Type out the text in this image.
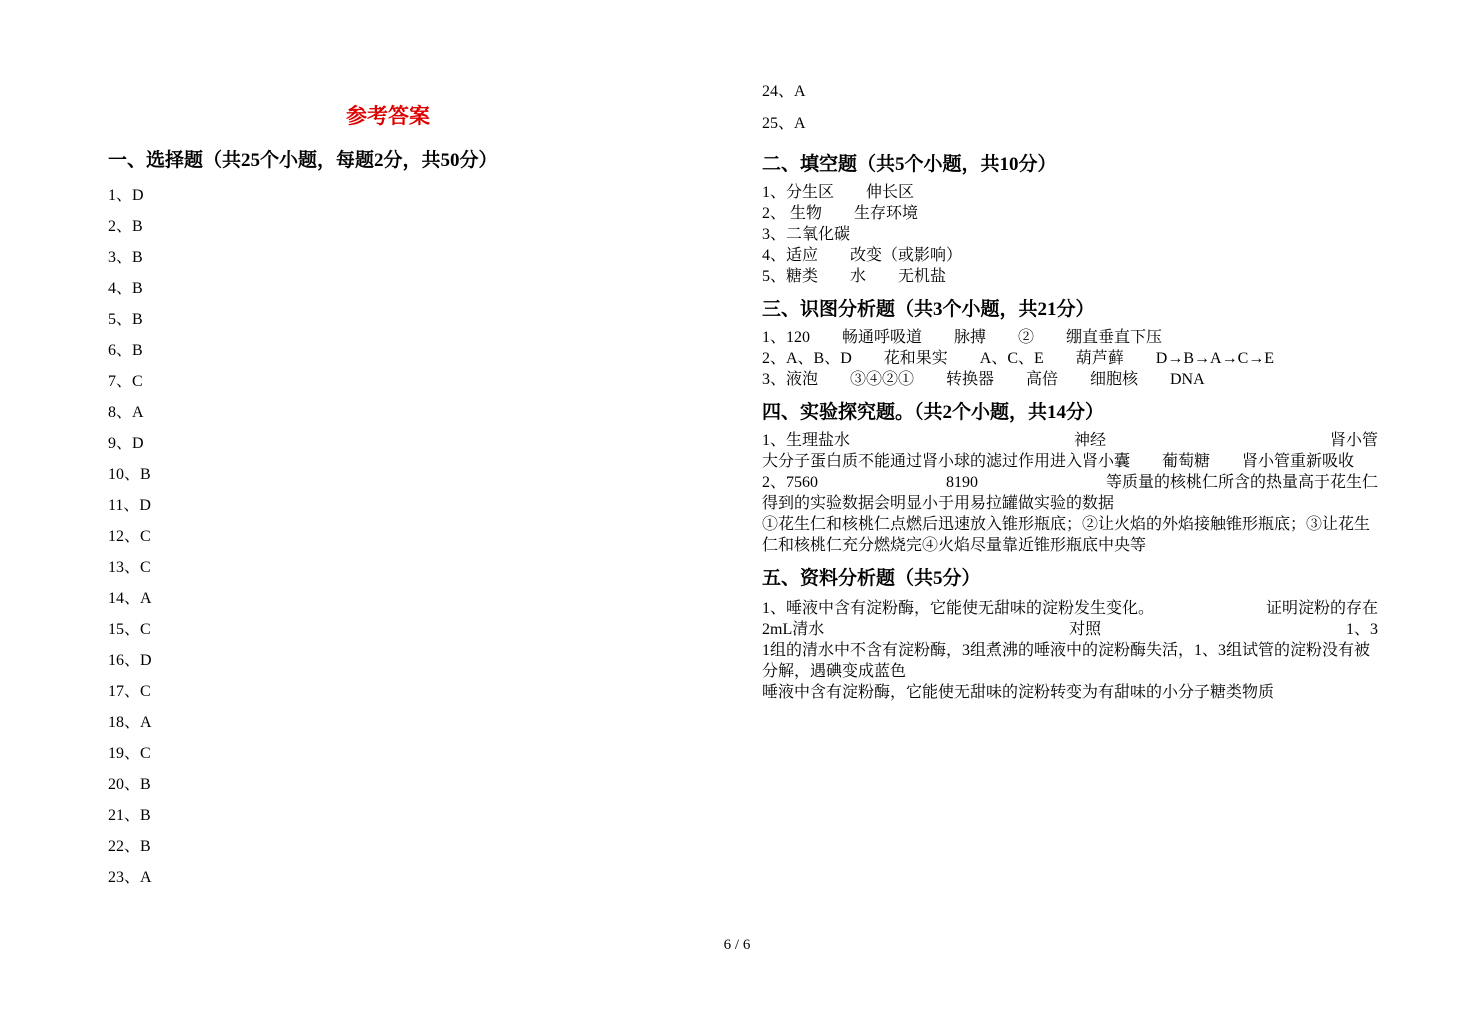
参考答案
一、选择题（共25个小题，每题2分，共50分）
1、D
2、B
3、B
4、B
5、B
6、B
7、C
8、A
9、D
10、B
11、D
12、C
13、C
14、A
15、C
16、D
17、C
18、A
19、C
20、B
21、B
22、B
23、A
24、A
25、A
二、填空题（共5个小题，共10分）
1、分生区　　伸长区
2、 生物　　生存环境
3、二氧化碳
4、适应　　改变（或影响）
5、糖类　　水　　无机盐
三、识图分析题（共3个小题，共21分）
1、120　　畅通呼吸道　　脉搏　　②　　绷直垂直下压
2、A、B、D　　花和果实　　A、C、E　　葫芦藓　　D→B→A→C→E
3、液泡　　③④②①　　转换器　　高倍　　细胞核　　DNA
四、实验探究题。（共2个小题，共14分）
1、生理盐水	神经	肾小管
大分子蛋白质不能通过肾小球的滤过作用进入肾小囊　　葡萄糖　　肾小管重新吸收
2、7560	8190	等质量的核桃仁所含的热量高于花生仁
得到的实验数据会明显小于用易拉罐做实验的数据
①花生仁和核桃仁点燃后迅速放入锥形瓶底；②让火焰的外焰接触锥形瓶底；③让花生仁和核桃仁充分燃烧完④火焰尽量靠近锥形瓶底中央等
五、资料分析题（共5分）
1、唾液中含有淀粉酶，它能使无甜味的淀粉发生变化。	证明淀粉的存在
2mL清水	对照	1、3
1组的清水中不含有淀粉酶，3组煮沸的唾液中的淀粉酶失活，1、3组试管的淀粉没有被分解，遇碘变成蓝色
唾液中含有淀粉酶，它能使无甜味的淀粉转变为有甜味的小分子糖类物质
6 / 6
